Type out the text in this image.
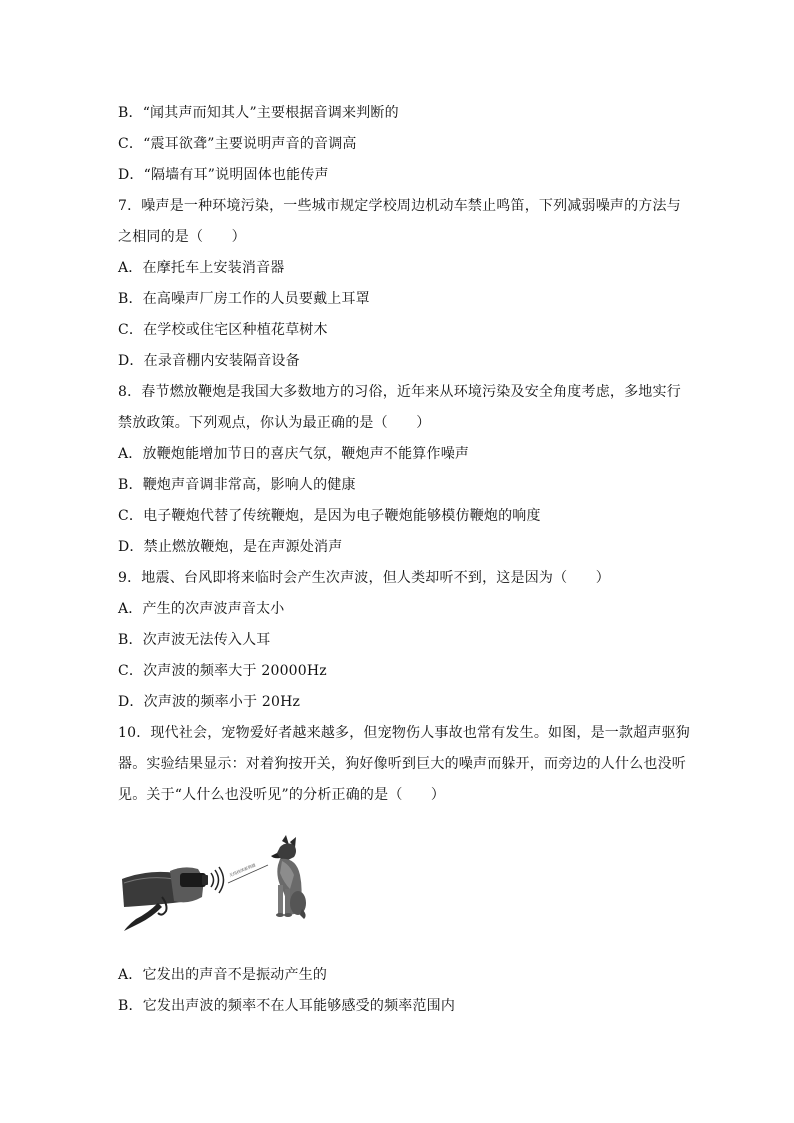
B．“闻其声而知其人”主要根据音调来判断的
C．“震耳欲聋”主要说明声音的音调高
D．“隔墙有耳”说明固体也能传声
7．噪声是一种环境污染，一些城市规定学校周边机动车禁止鸣笛，下列减弱噪声的方法与
之相同的是（　　）
A．在摩托车上安装消音器
B．在高噪声厂房工作的人员要戴上耳罩
C．在学校或住宅区种植花草树木
D．在录音棚内安装隔音设备
8．春节燃放鞭炮是我国大多数地方的习俗，近年来从环境污染及安全角度考虑，多地实行
禁放政策。下列观点，你认为最正确的是（　　）
A．放鞭炮能增加节日的喜庆气氛，鞭炮声不能算作噪声
B．鞭炮声音调非常高，影响人的健康
C．电子鞭炮代替了传统鞭炮，是因为电子鞭炮能够模仿鞭炮的响度
D．禁止燃放鞭炮，是在声源处消声
9．地震、台风即将来临时会产生次声波，但人类却听不到，这是因为（　　）
A．产生的次声波声音太小
B．次声波无法传入人耳
C．次声波的频率大于 20000Hz
D．次声波的频率小于 20Hz
10．现代社会，宠物爱好者越来越多，但宠物伤人事故也常有发生。如图，是一款超声驱狗
器。实验结果显示：对着狗按开关，狗好像听到巨大的噪声而躲开，而旁边的人什么也没听
见。关于“人什么也没听见”的分析正确的是（　　）
无线持续驱狗器
A．它发出的声音不是振动产生的
B．它发出声波的频率不在人耳能够感受的频率范围内
